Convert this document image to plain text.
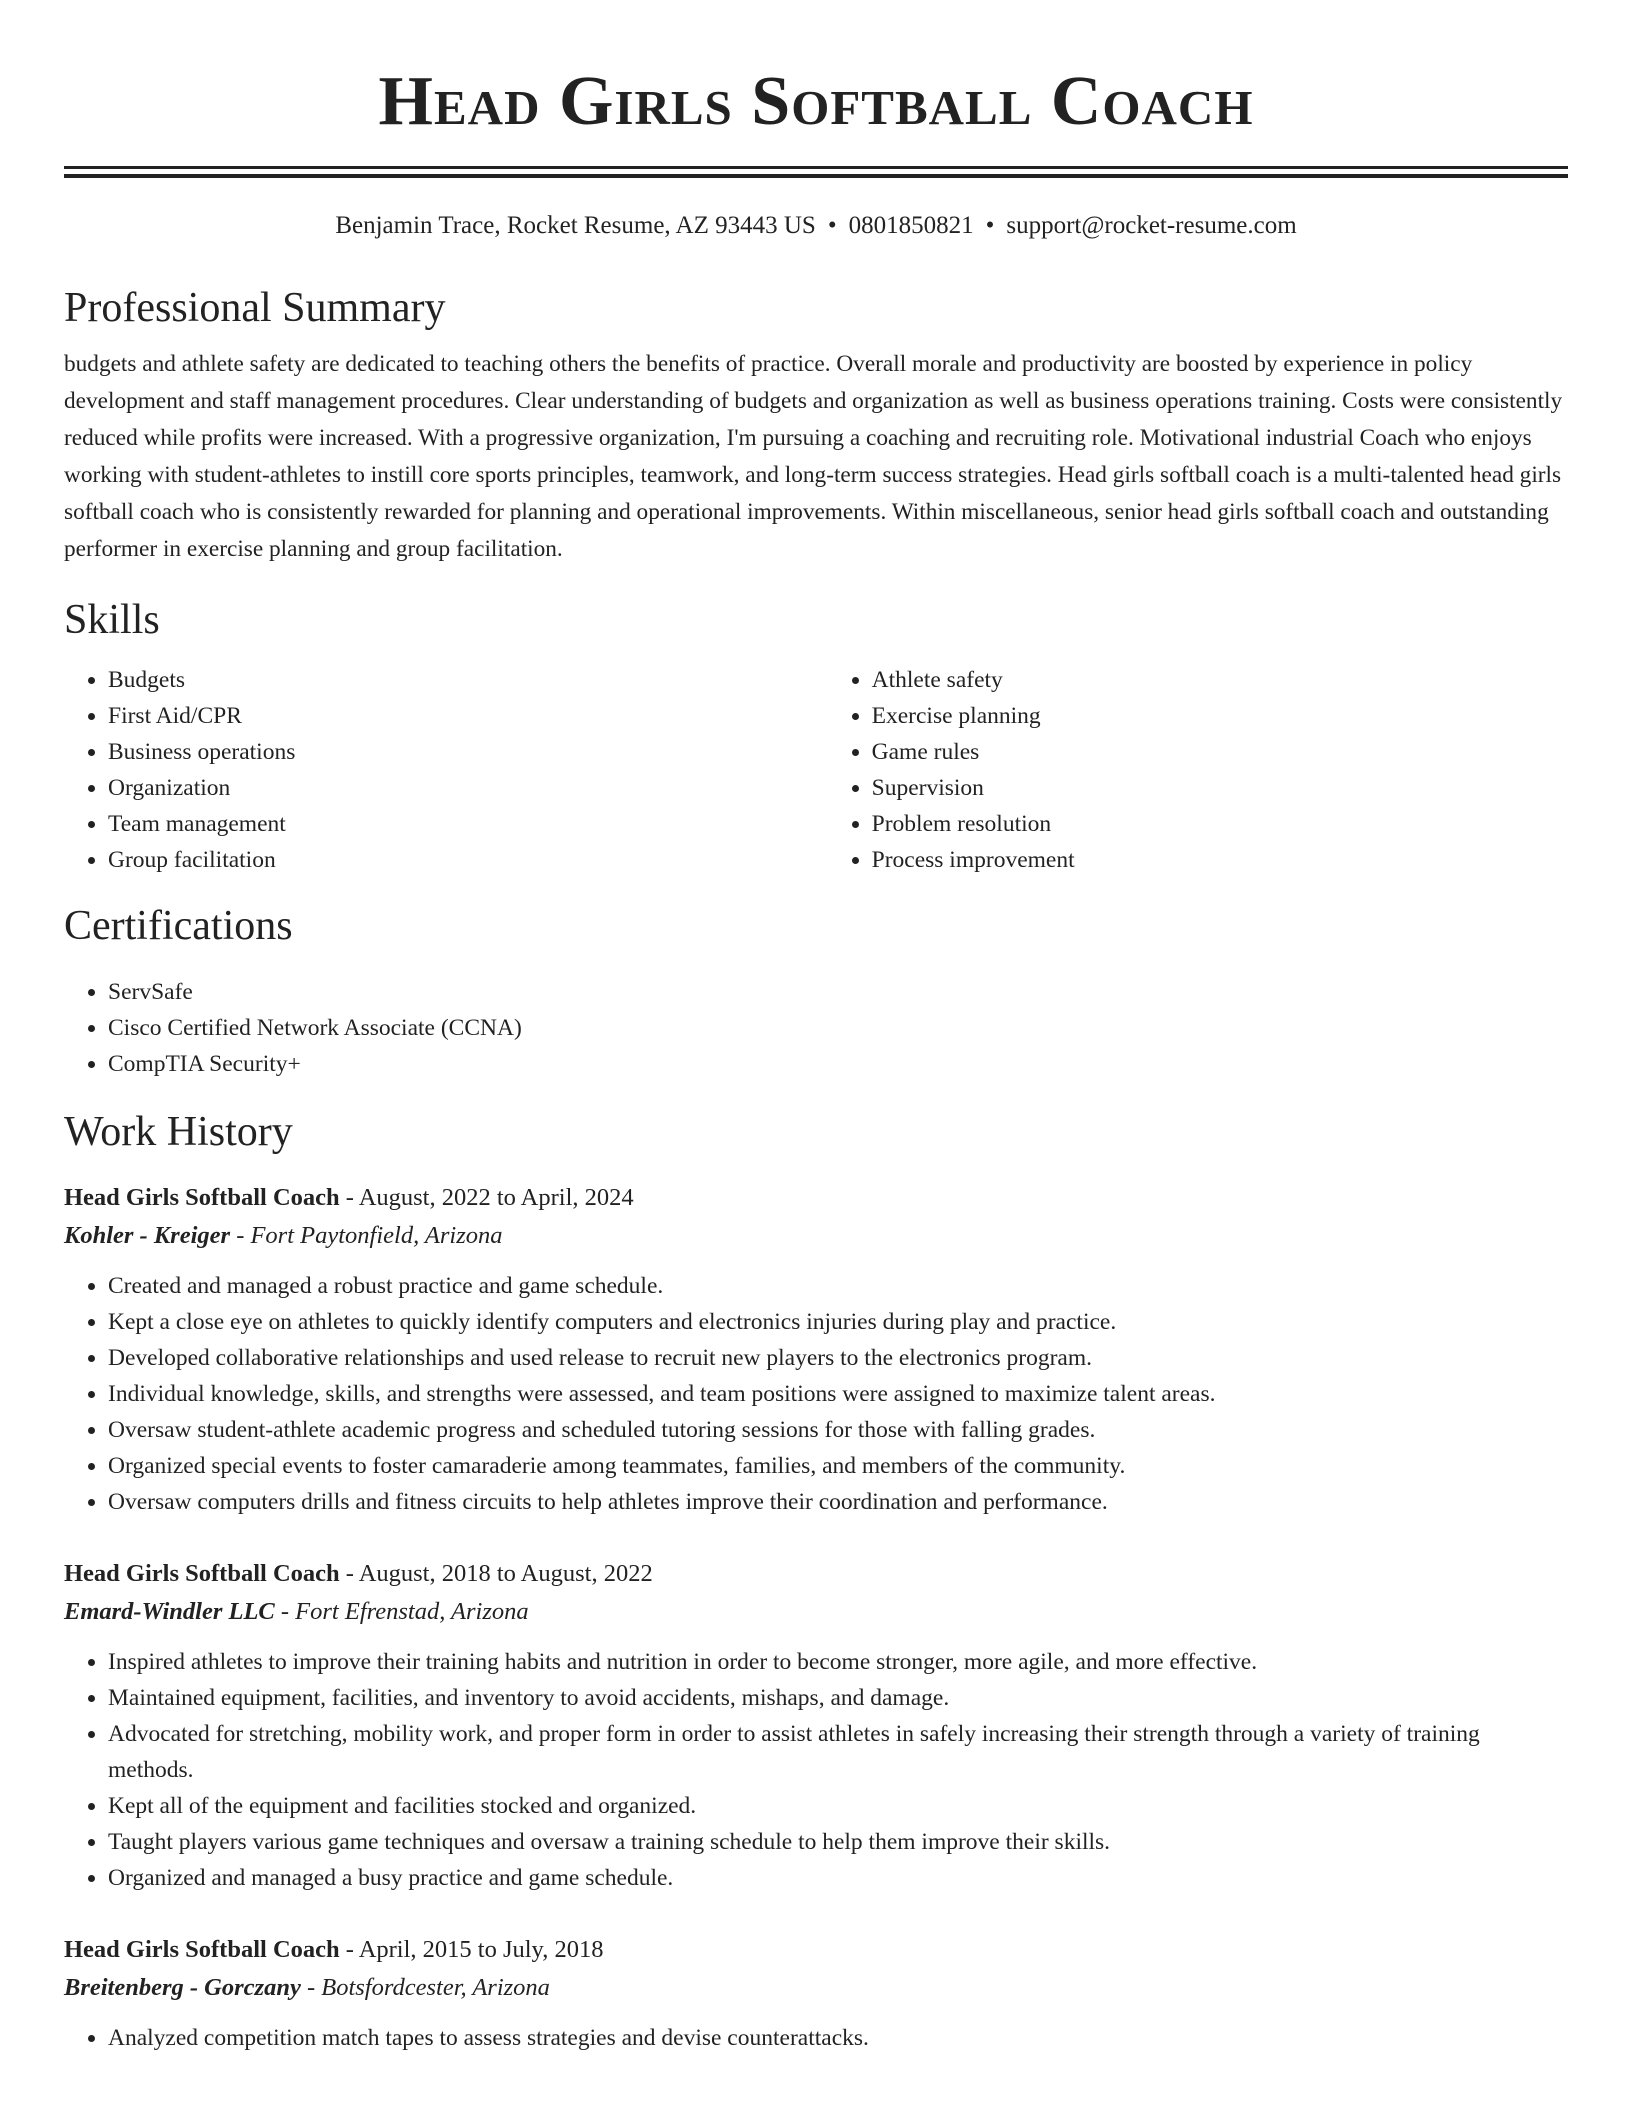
Head Girls Softball Coach
Benjamin Trace, Rocket Resume, AZ 93443 US • 0801850821 • support@rocket-resume.com
Professional Summary
budgets and athlete safety are dedicated to teaching others the benefits of practice. Overall morale and productivity are boosted by experience in policy development and staff management procedures. Clear understanding of budgets and organization as well as business operations training. Costs were consistently reduced while profits were increased. With a progressive organization, I'm pursuing a coaching and recruiting role. Motivational industrial Coach who enjoys working with student-athletes to instill core sports principles, teamwork, and long-term success strategies. Head girls softball coach is a multi-talented head girls softball coach who is consistently rewarded for planning and operational improvements. Within miscellaneous, senior head girls softball coach and outstanding performer in exercise planning and group facilitation.
Skills
• Budgets
• First Aid/CPR
• Business operations
• Organization
• Team management
• Group facilitation
• Athlete safety
• Exercise planning
• Game rules
• Supervision
• Problem resolution
• Process improvement
Certifications
• ServSafe
• Cisco Certified Network Associate (CCNA)
• CompTIA Security+
Work History
Head Girls Softball Coach - August, 2022 to April, 2024
Kohler - Kreiger - Fort Paytonfield, Arizona
• Created and managed a robust practice and game schedule.
• Kept a close eye on athletes to quickly identify computers and electronics injuries during play and practice.
• Developed collaborative relationships and used release to recruit new players to the electronics program.
• Individual knowledge, skills, and strengths were assessed, and team positions were assigned to maximize talent areas.
• Oversaw student-athlete academic progress and scheduled tutoring sessions for those with falling grades.
• Organized special events to foster camaraderie among teammates, families, and members of the community.
• Oversaw computers drills and fitness circuits to help athletes improve their coordination and performance.
Head Girls Softball Coach - August, 2018 to August, 2022
Emard-Windler LLC - Fort Efrenstad, Arizona
• Inspired athletes to improve their training habits and nutrition in order to become stronger, more agile, and more effective.
• Maintained equipment, facilities, and inventory to avoid accidents, mishaps, and damage.
• Advocated for stretching, mobility work, and proper form in order to assist athletes in safely increasing their strength through a variety of training methods.
• Kept all of the equipment and facilities stocked and organized.
• Taught players various game techniques and oversaw a training schedule to help them improve their skills.
• Organized and managed a busy practice and game schedule.
Head Girls Softball Coach - April, 2015 to July, 2018
Breitenberg - Gorczany - Botsfordcester, Arizona
• Analyzed competition match tapes to assess strategies and devise counterattacks.
